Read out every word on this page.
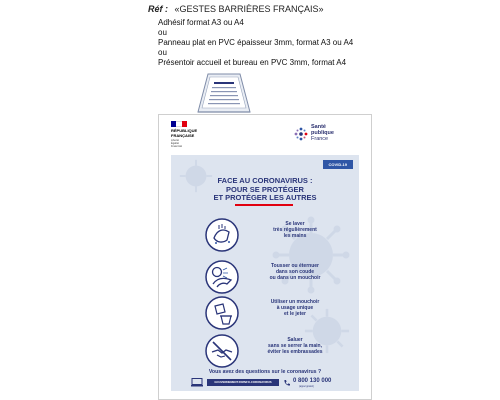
Réf : «GESTES BARRIÈRES FRANÇAIS»
Adhésif format A3 ou A4
ou
Panneau plat en PVC épaisseur 3mm, format A3 ou A4
ou
Présentoir accueil et bureau en PVC 3mm, format A4
RÉPUBLIQUE
FRANÇAISE
Liberté
Égalité
Fraternité
Santé
publique
France
COVID-19
FACE AU CORONAVIRUS :
POUR SE PROTÉGER
ET PROTÉGER LES AUTRES
Se laver
très régulièrement
les mains
Tousser ou éternuer
dans son coude
ou dans un mouchoir
Utiliser un mouchoir
à usage unique
et le jeter
Saluer
sans se serrer la main,
éviter les embrassades
Vous avez des questions sur le coronavirus ?
GOUVERNEMENT.FR/INFO-CORONAVIRUS	0 800 130 000
(appel gratuit)
